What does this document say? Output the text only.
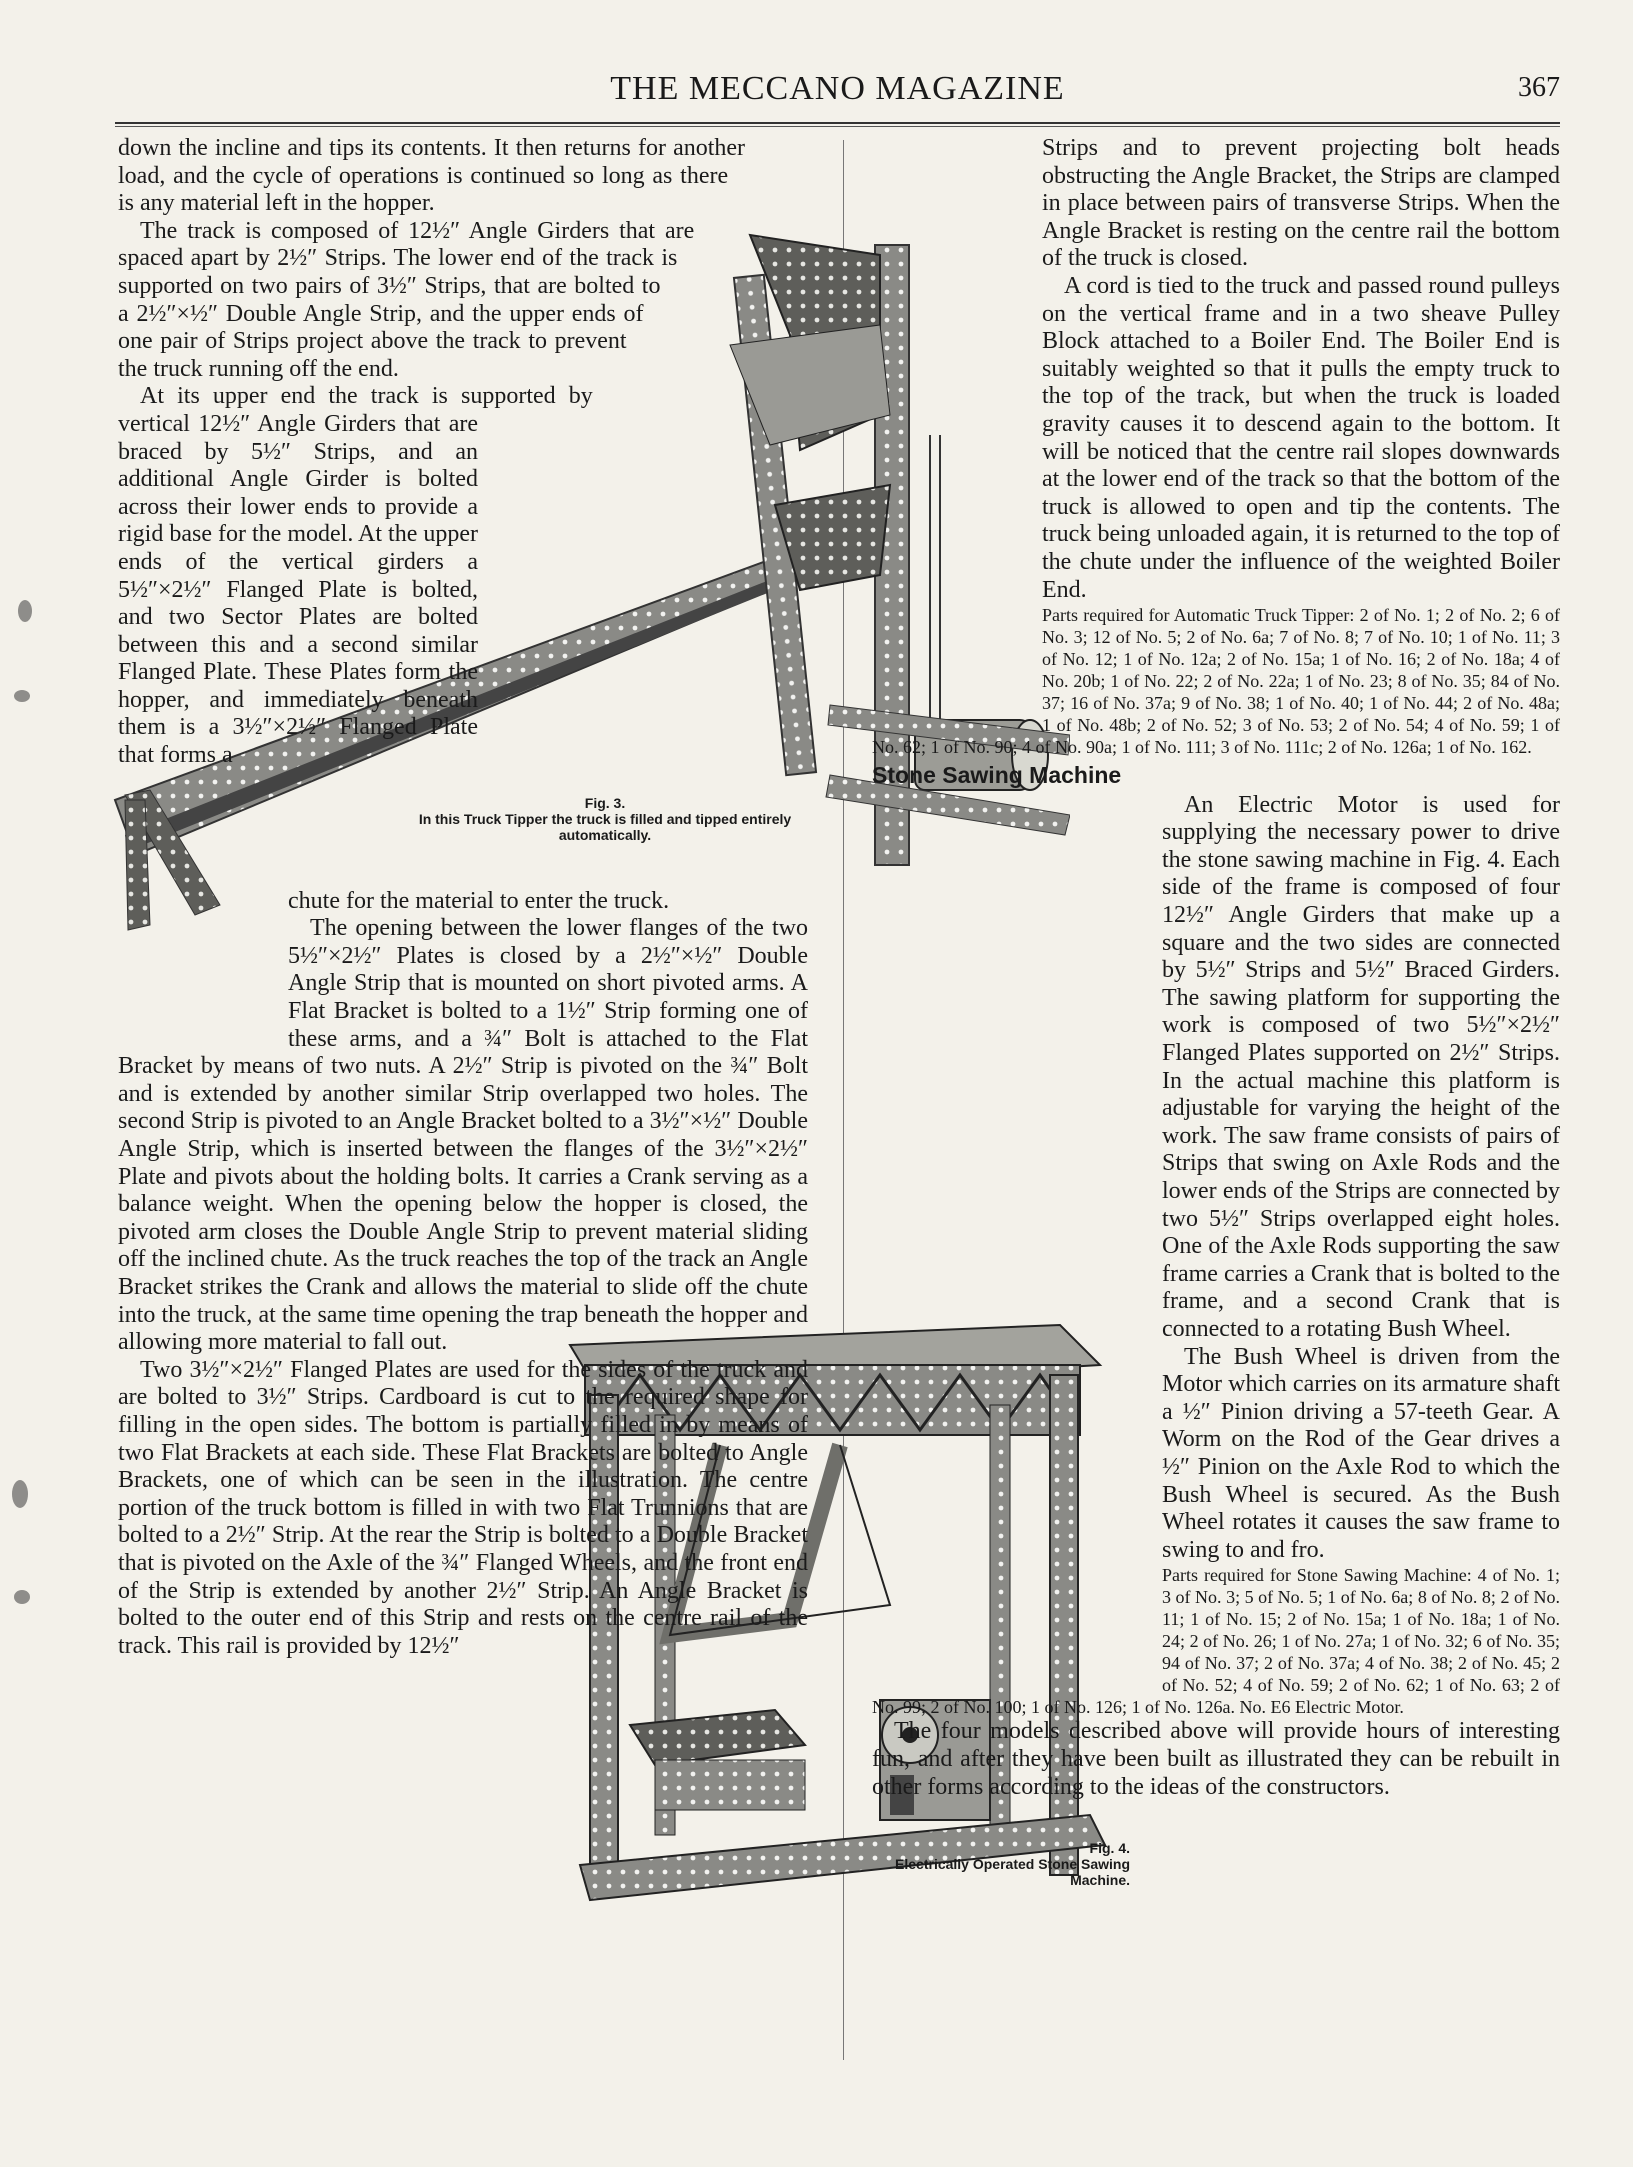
THE MECCANO MAGAZINE	367
Fig. 3.
In this Truck Tipper the truck is filled and tipped entirely automatically.
Fig. 4.
Electrically Operated Stone Sawing Machine.

down the incline and tips its contents. It then returns for another load, and the cycle of operations is continued so long as there is any material left in the hopper.

The track is composed of 12½″ Angle Girders that are spaced apart by 2½″ Strips. The lower end of the track is supported on two pairs of 3½″ Strips, that are bolted to a 2½″×½″ Double Angle Strip, and the upper ends of one pair of Strips project above the track to prevent the truck running off the end.

At its upper end the track is supported by vertical 12½″ Angle Girders that are braced by 5½″ Strips, and an additional Angle Girder is bolted across their lower ends to provide a rigid base for the model. At the upper ends of the vertical girders a 5½″×2½″ Flanged Plate is bolted, and two Sector Plates are bolted between this and a second similar Flanged Plate. These Plates form the hopper, and immediately beneath them is a 3½″×2½″ Flanged Plate that forms a

chute for the material to enter the truck.

The opening between the lower flanges of the two 5½″×2½″ Plates is closed by a 2½″×½″ Double Angle Strip that is mounted on short pivoted arms. A Flat Bracket is bolted to a 1½″ Strip forming one of these arms, and a ¾″ Bolt is attached to the Flat Bracket by means of two nuts. A 2½″ Strip is pivoted on the ¾″ Bolt and is extended by another similar Strip overlapped two holes. The second Strip is pivoted to an Angle Bracket bolted to a 3½″×½″ Double Angle Strip, which is inserted between the flanges of the 3½″×2½″ Plate and pivots about the holding bolts. It carries a Crank serving as a balance weight. When the opening below the hopper is closed, the pivoted arm closes the Double Angle Strip to prevent material sliding off the inclined chute. As the truck reaches the top of the track an Angle Bracket strikes the Crank and allows the material to slide off the chute into the truck, at the same time opening the trap beneath the hopper and allowing more material to fall out.

Two 3½″×2½″ Flanged Plates are used for the sides of the truck and are bolted to 3½″ Strips. Cardboard is cut to the required shape for filling in the open sides. The bottom is partially filled in by means of two Flat Brackets at each side. These Flat Brackets are bolted to Angle Brackets, one of which can be seen in the illustration. The centre portion of the truck bottom is filled in with two Flat Trunnions that are bolted to a 2½″ Strip. At the rear the Strip is bolted to a Double Bracket that is pivoted on the Axle of the ¾″ Flanged Wheels, and the front end of the Strip is extended by another 2½″ Strip. An Angle Bracket is bolted to the outer end of this Strip and rests on the centre rail of the track. This rail is provided by 12½″

Strips and to prevent projecting bolt heads obstructing the Angle Bracket, the Strips are clamped in place between pairs of transverse Strips. When the Angle Bracket is resting on the centre rail the bottom of the truck is closed.

A cord is tied to the truck and passed round pulleys on the vertical frame and in a two sheave Pulley Block attached to a Boiler End. The Boiler End is suitably weighted so that it pulls the empty truck to the top of the track, but when the truck is loaded gravity causes it to descend again to the bottom. It will be noticed that the centre rail slopes downwards at the lower end of the track so that the bottom of the truck is allowed to open and tip the contents. The truck being unloaded again, it is returned to the top of the chute under the influence of the weighted Boiler End.

Parts required for Automatic Truck Tipper: 2 of No. 1; 2 of No. 2; 6 of No. 3; 12 of No. 5; 2 of No. 6a; 7 of No. 8; 7 of No. 10; 1 of No. 11; 3 of No. 12; 1 of No. 12a; 2 of No. 15a; 1 of No. 16; 2 of No. 18a; 4 of No. 20b; 1 of No. 22; 2 of No. 22a; 1 of No. 23; 8 of No. 35; 84 of No. 37; 16 of No. 37a; 9 of No. 38; 1 of No. 40; 1 of No. 44; 2 of No. 48a; 1 of No. 48b; 2 of No. 52; 3 of No. 53; 2 of No. 54; 4 of No. 59; 1 of No. 62; 1 of No. 90; 4 of No. 90a; 1 of No. 111; 3 of No. 111c; 2 of No. 126a; 1 of No. 162.

Stone Sawing Machine

An Electric Motor is used for supplying the necessary power to drive the stone sawing machine in Fig. 4. Each side of the frame is composed of four 12½″ Angle Girders that make up a square and the two sides are connected by 5½″ Strips and 5½″ Braced Girders. The sawing platform for supporting the work is composed of two 5½″×2½″ Flanged Plates supported on 2½″ Strips. In the actual machine this platform is adjustable for varying the height of the work. The saw frame consists of pairs of Strips that swing on Axle Rods and the lower ends of the Strips are connected by two 5½″ Strips overlapped eight holes. One of the Axle Rods supporting the saw frame carries a Crank that is bolted to the frame, and a second Crank that is connected to a rotating Bush Wheel.

The Bush Wheel is driven from the Motor which carries on its armature shaft a ½″ Pinion driving a 57-teeth Gear. A Worm on the Rod of the Gear drives a ½″ Pinion on the Axle Rod to which the Bush Wheel is secured. As the Bush Wheel rotates it causes the saw frame to swing to and fro.

Parts required for Stone Sawing Machine: 4 of No. 1; 3 of No. 3; 5 of No. 5; 1 of No. 6a; 8 of No. 8; 2 of No. 11; 1 of No. 15; 2 of No. 15a; 1 of No. 18a; 1 of No. 24; 2 of No. 26; 1 of No. 27a; 1 of No. 32; 6 of No. 35; 94 of No. 37; 2 of No. 37a; 4 of No. 38; 2 of No. 45; 2 of No. 52; 4 of No. 59; 2 of No. 62; 1 of No. 63; 2 of No. 99; 2 of No. 100; 1 of No. 126; 1 of No. 126a. No. E6 Electric Motor.

The four models described above will provide hours of interesting fun, and after they have been built as illustrated they can be rebuilt in other forms according to the ideas of the constructors.
